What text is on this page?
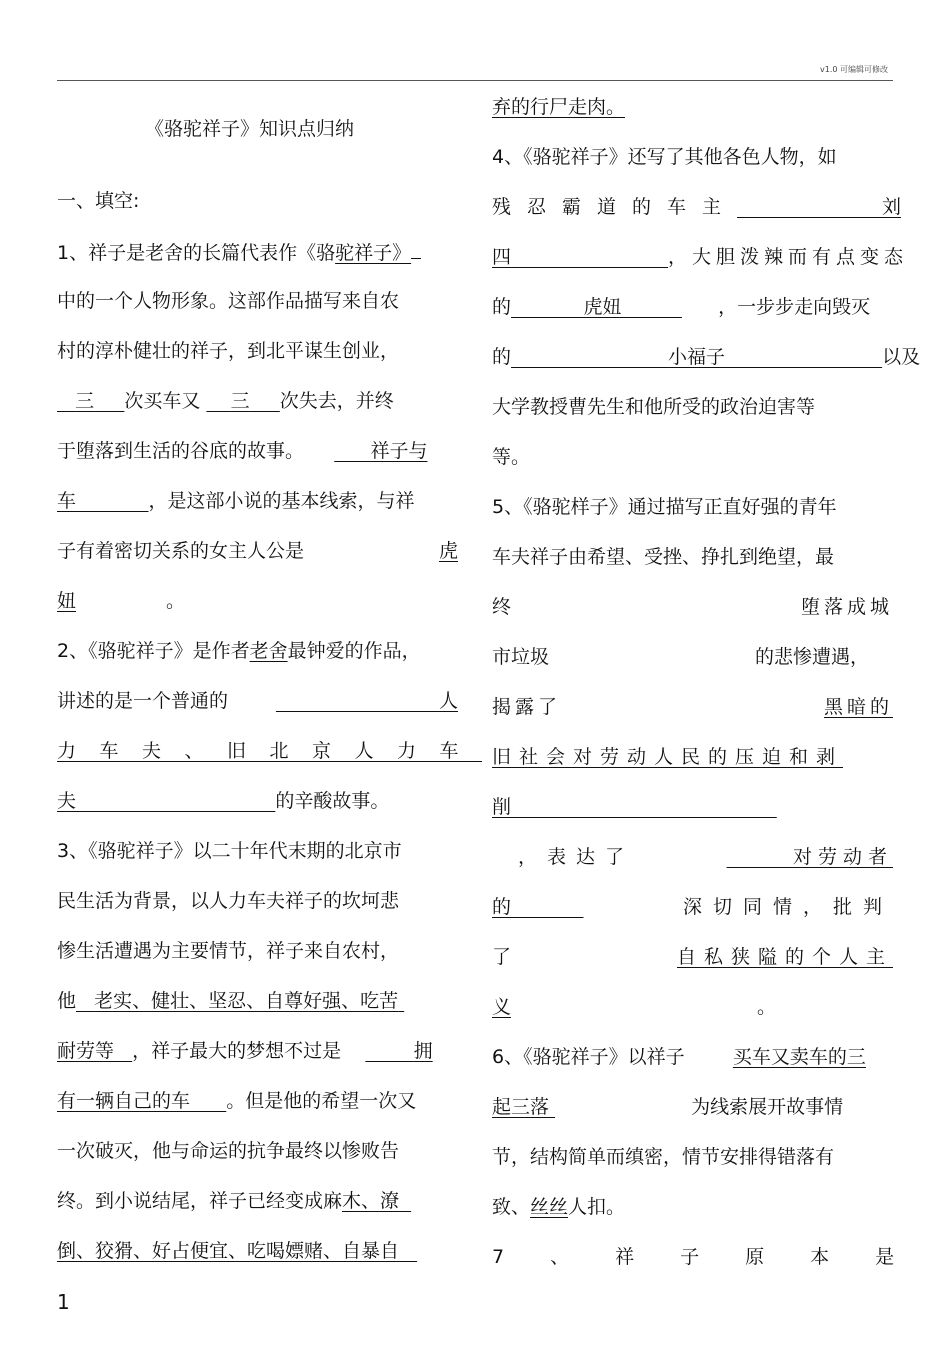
v1.0 可编辑可修改
《骆驼祥子》知识点归纳
一、填空:
1、祥子是老舍的长篇代表作《骆驼祥子》
中的一个人物形象。这部作品描写来自农
村的淳朴健壮的祥子，到北平谋生创业，
三 次买车又 三 次失去，并终
于堕落到生活的谷底的故事。	祥子与
车	，是这部小说的基本线索，与祥
子有着密切关系的女主人公是	虎
妞	。
2、《骆驼祥子》是作者老舍最钟爱的作品，
讲述的是一个普通的	人
力车夫、旧北京人力车
夫	的辛酸故事。
3、《骆驼祥子》以二十年代末期的北京市
民生活为背景，以人力车夫祥子的坎坷悲
惨生活遭遇为主要情节，祥子来自农村，
他 老实、健壮、坚忍、自尊好强、吃苦
耐劳等 ，祥子最大的梦想不过是	拥
有一辆自己的车 。但是他的希望一次又
一次破灭，他与命运的抗争最终以惨败告
终。到小说结尾，祥子已经变成麻木、潦
倒、狡猾、好占便宜、吃喝嫖赌、自暴自
弃的行尸走肉。
4、《骆驼祥子》还写了其他各色人物，如
残忍霸道的车主	刘
四	，大胆泼辣而有点变态
的	虎妞	，一步步走向毁灭
的	小福子	以及
大学教授曹先生和他所受的政治迫害等
等。
5、《骆驼样子》通过描写正直好强的青年
车夫祥子由希望、受挫、挣扎到绝望，最
终	堕落成城
市垃圾	的悲惨遭遇，
揭露了	黑暗的
旧社会对劳动人民的压迫和剥
削
，表达了	对劳动者
的	深切同情，批判
了	自私狭隘的个人主
义	。
6、《骆驼祥子》以祥子	买车又卖车的三
起三落	为线索展开故事情
节，结构简单而缜密，情节安排得错落有
致、丝丝人扣。
7、祥子原本是
1
